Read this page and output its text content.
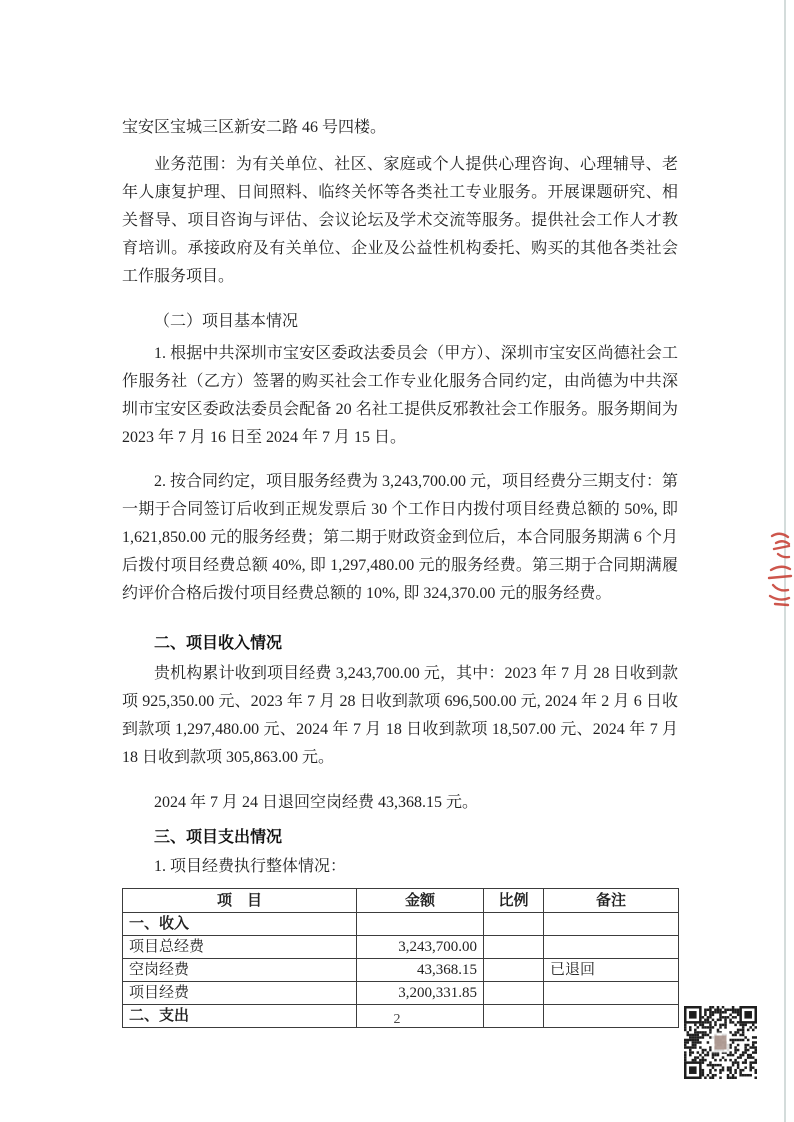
宝安区宝城三区新安二路 46 号四楼。

业务范围：为有关单位、社区、家庭或个人提供心理咨询、心理辅导、老年人康复护理、日间照料、临终关怀等各类社工专业服务。开展课题研究、相关督导、项目咨询与评估、会议论坛及学术交流等服务。提供社会工作人才教育培训。承接政府及有关单位、企业及公益性机构委托、购买的其他各类社会工作服务项目。

（二）项目基本情况

1. 根据中共深圳市宝安区委政法委员会（甲方）、深圳市宝安区尚德社会工作服务社（乙方）签署的购买社会工作专业化服务合同约定，由尚德为中共深圳市宝安区委政法委员会配备 20 名社工提供反邪教社会工作服务。服务期间为 2023 年 7 月 16 日至 2024 年 7 月 15 日。

2. 按合同约定，项目服务经费为 3,243,700.00 元，项目经费分三期支付：第一期于合同签订后收到正规发票后 30 个工作日内拨付项目经费总额的 50%, 即 1,621,850.00 元的服务经费；第二期于财政资金到位后，本合同服务期满 6 个月后拨付项目经费总额 40%, 即 1,297,480.00 元的服务经费。第三期于合同期满履约评价合格后拨付项目经费总额的 10%, 即 324,370.00 元的服务经费。

二、项目收入情况

贵机构累计收到项目经费 3,243,700.00 元，其中：2023 年 7 月 28 日收到款项 925,350.00 元、2023 年 7 月 28 日收到款项 696,500.00 元, 2024 年 2 月 6 日收到款项 1,297,480.00 元、2024 年 7 月 18 日收到款项 18,507.00 元、2024 年 7 月 18 日收到款项 305,863.00 元。

2024 年 7 月 24 日退回空岗经费 43,368.15 元。

三、项目支出情况

1. 项目经费执行整体情况：

项　目	金额	比例	备注
一、收入			
项目总经费	3,243,700.00		
空岗经费	43,368.15		已退回
项目经费	3,200,331.85		
二、支出				2
